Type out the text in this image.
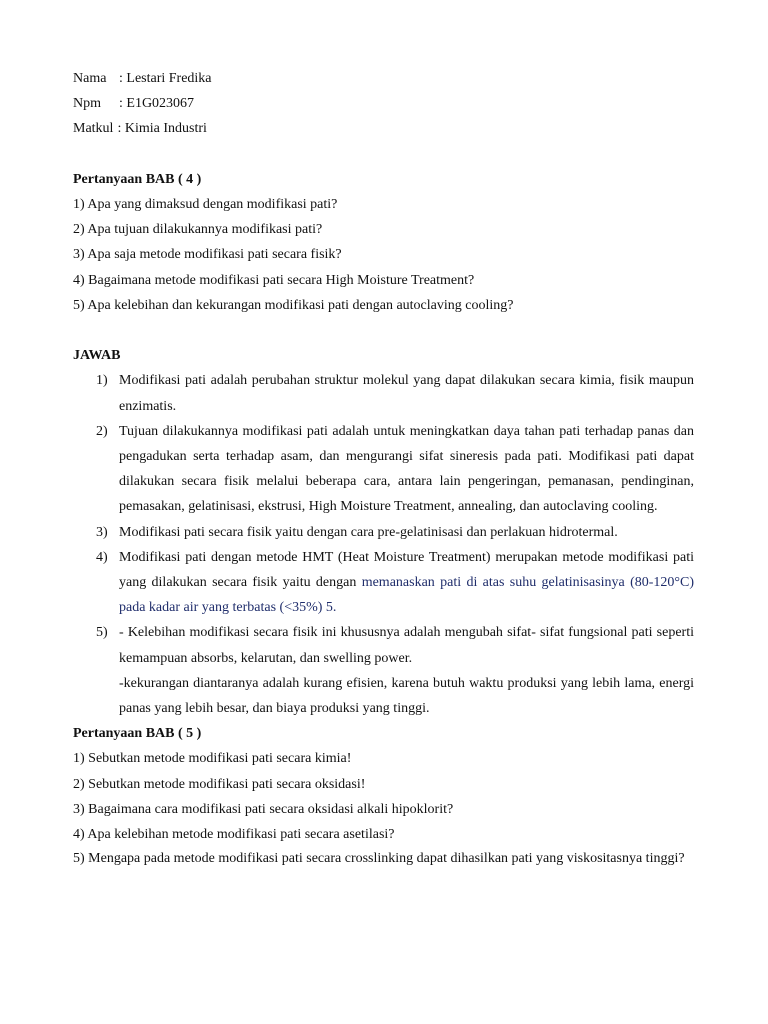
Nama : Lestari Fredika
Npm	: E1G023067
Matkul : Kimia Industri
Pertanyaan BAB ( 4 )
1) Apa yang dimaksud dengan modifikasi pati?
2) Apa tujuan dilakukannya modifikasi pati?
3) Apa saja metode modifikasi pati secara fisik?
4) Bagaimana metode modifikasi pati secara High Moisture Treatment?
5) Apa kelebihan dan kekurangan modifikasi pati dengan autoclaving cooling?
JAWAB
1) Modifikasi pati adalah perubahan struktur molekul yang dapat dilakukan secara kimia, fisik maupun enzimatis.
2) Tujuan dilakukannya modifikasi pati adalah untuk meningkatkan daya tahan pati terhadap panas dan pengadukan serta terhadap asam, dan mengurangi sifat sineresis pada pati. Modifikasi pati dapat dilakukan secara fisik melalui beberapa cara, antara lain pengeringan, pemanasan, pendinginan, pemasakan, gelatinisasi, ekstrusi, High Moisture Treatment, annealing, dan autoclaving cooling.
3) Modifikasi pati secara fisik yaitu dengan cara pre-gelatinisasi dan perlakuan hidrotermal.
4) Modifikasi pati dengan metode HMT (Heat Moisture Treatment) merupakan metode modifikasi pati yang dilakukan secara fisik yaitu dengan memanaskan pati di atas suhu gelatinisasinya (80-120°C) pada kadar air yang terbatas (<35%) 5.
5) - Kelebihan modifikasi secara fisik ini khususnya adalah mengubah sifat- sifat fungsional pati seperti kemampuan absorbs, kelarutan, dan swelling power.
-kekurangan diantaranya adalah kurang efisien, karena butuh waktu produksi yang lebih lama, energi panas yang lebih besar, dan biaya produksi yang tinggi.
Pertanyaan BAB ( 5 )
1) Sebutkan metode modifikasi pati secara kimia!
2) Sebutkan metode modifikasi pati secara oksidasi!
3) Bagaimana cara modifikasi pati secara oksidasi alkali hipoklorit?
4) Apa kelebihan metode modifikasi pati secara asetilasi?
5) Mengapa pada metode modifikasi pati secara crosslinking dapat dihasilkan pati yang viskositasnya tinggi?
